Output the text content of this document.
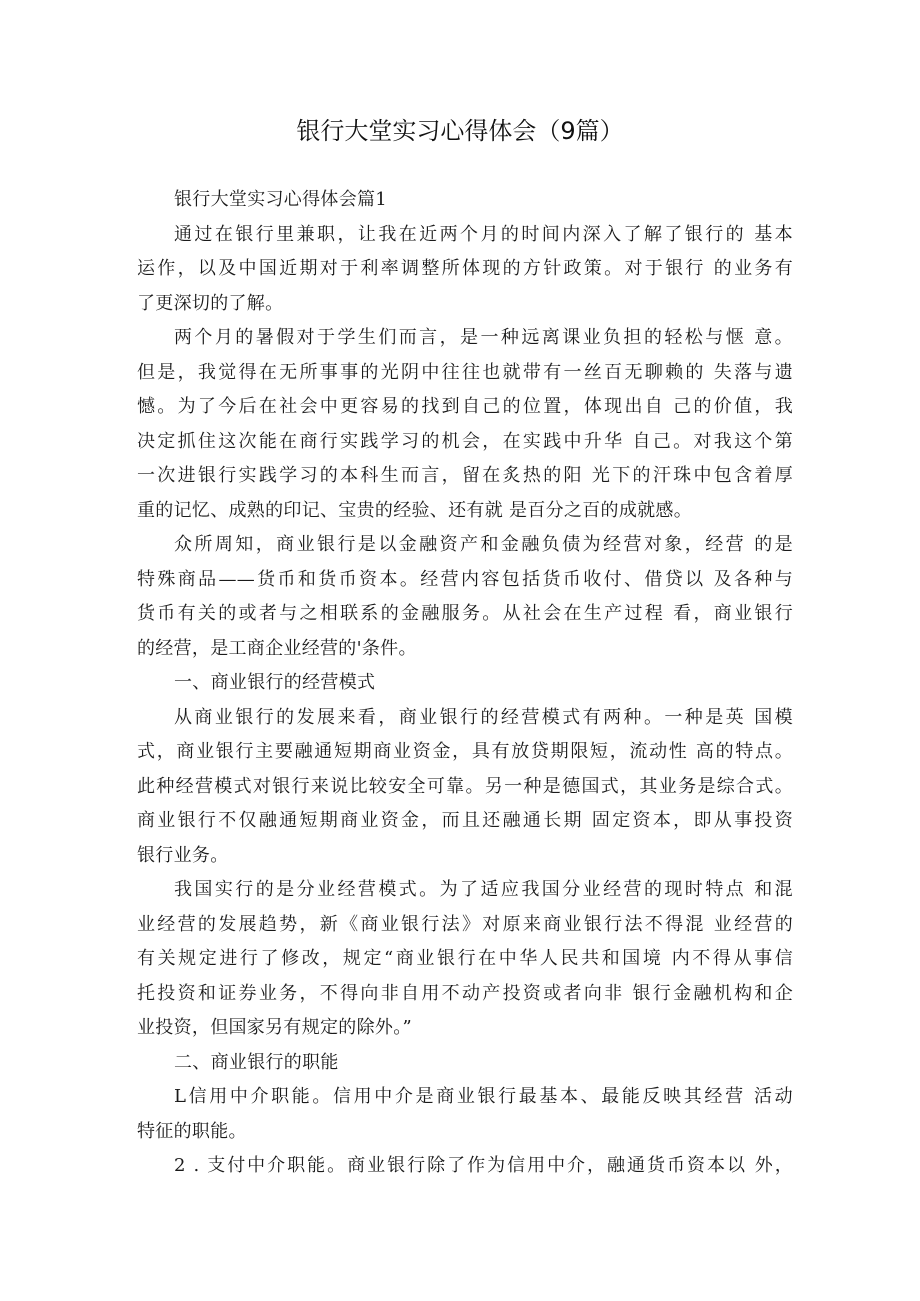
银行大堂实习心得体会（9篇）
银行大堂实习心得体会篇1
通过在银行里兼职，让我在近两个月的时间内深入了解了银行的 基本
运作，以及中国近期对于利率调整所体现的方针政策。对于银行 的业务有
了更深切的了解。
两个月的暑假对于学生们而言，是一种远离课业负担的轻松与惬 意。
但是，我觉得在无所事事的光阴中往往也就带有一丝百无聊赖的 失落与遗
憾。为了今后在社会中更容易的找到自己的位置，体现出自 己的价值，我
决定抓住这次能在商行实践学习的机会，在实践中升华 自己。对我这个第
一次进银行实践学习的本科生而言，留在炙热的阳 光下的汗珠中包含着厚
重的记忆、成熟的印记、宝贵的经验、还有就 是百分之百的成就感。
众所周知，商业银行是以金融资产和金融负债为经营对象，经营 的是
特殊商品——货币和货币资本。经营内容包括货币收付、借贷以 及各种与
货币有关的或者与之相联系的金融服务。从社会在生产过程 看，商业银行
的经营，是工商企业经营的'条件。
一、商业银行的经营模式
从商业银行的发展来看，商业银行的经营模式有两种。一种是英 国模
式，商业银行主要融通短期商业资金，具有放贷期限短，流动性 高的特点。
此种经营模式对银行来说比较安全可靠。另一种是德国式，其业务是综合式。
商业银行不仅融通短期商业资金，而且还融通长期 固定资本，即从事投资
银行业务。
我国实行的是分业经营模式。为了适应我国分业经营的现时特点 和混
业经营的发展趋势，新《商业银行法》对原来商业银行法不得混 业经营的
有关规定进行了修改，规定“商业银行在中华人民共和国境 内不得从事信
托投资和证券业务，不得向非自用不动产投资或者向非 银行金融机构和企
业投资，但国家另有规定的除外。”
二、商业银行的职能
L信用中介职能。信用中介是商业银行最基本、最能反映其经营 活动
特征的职能。
2 . 支付中介职能。商业银行除了作为信用中介，融通货币资本以 外，
